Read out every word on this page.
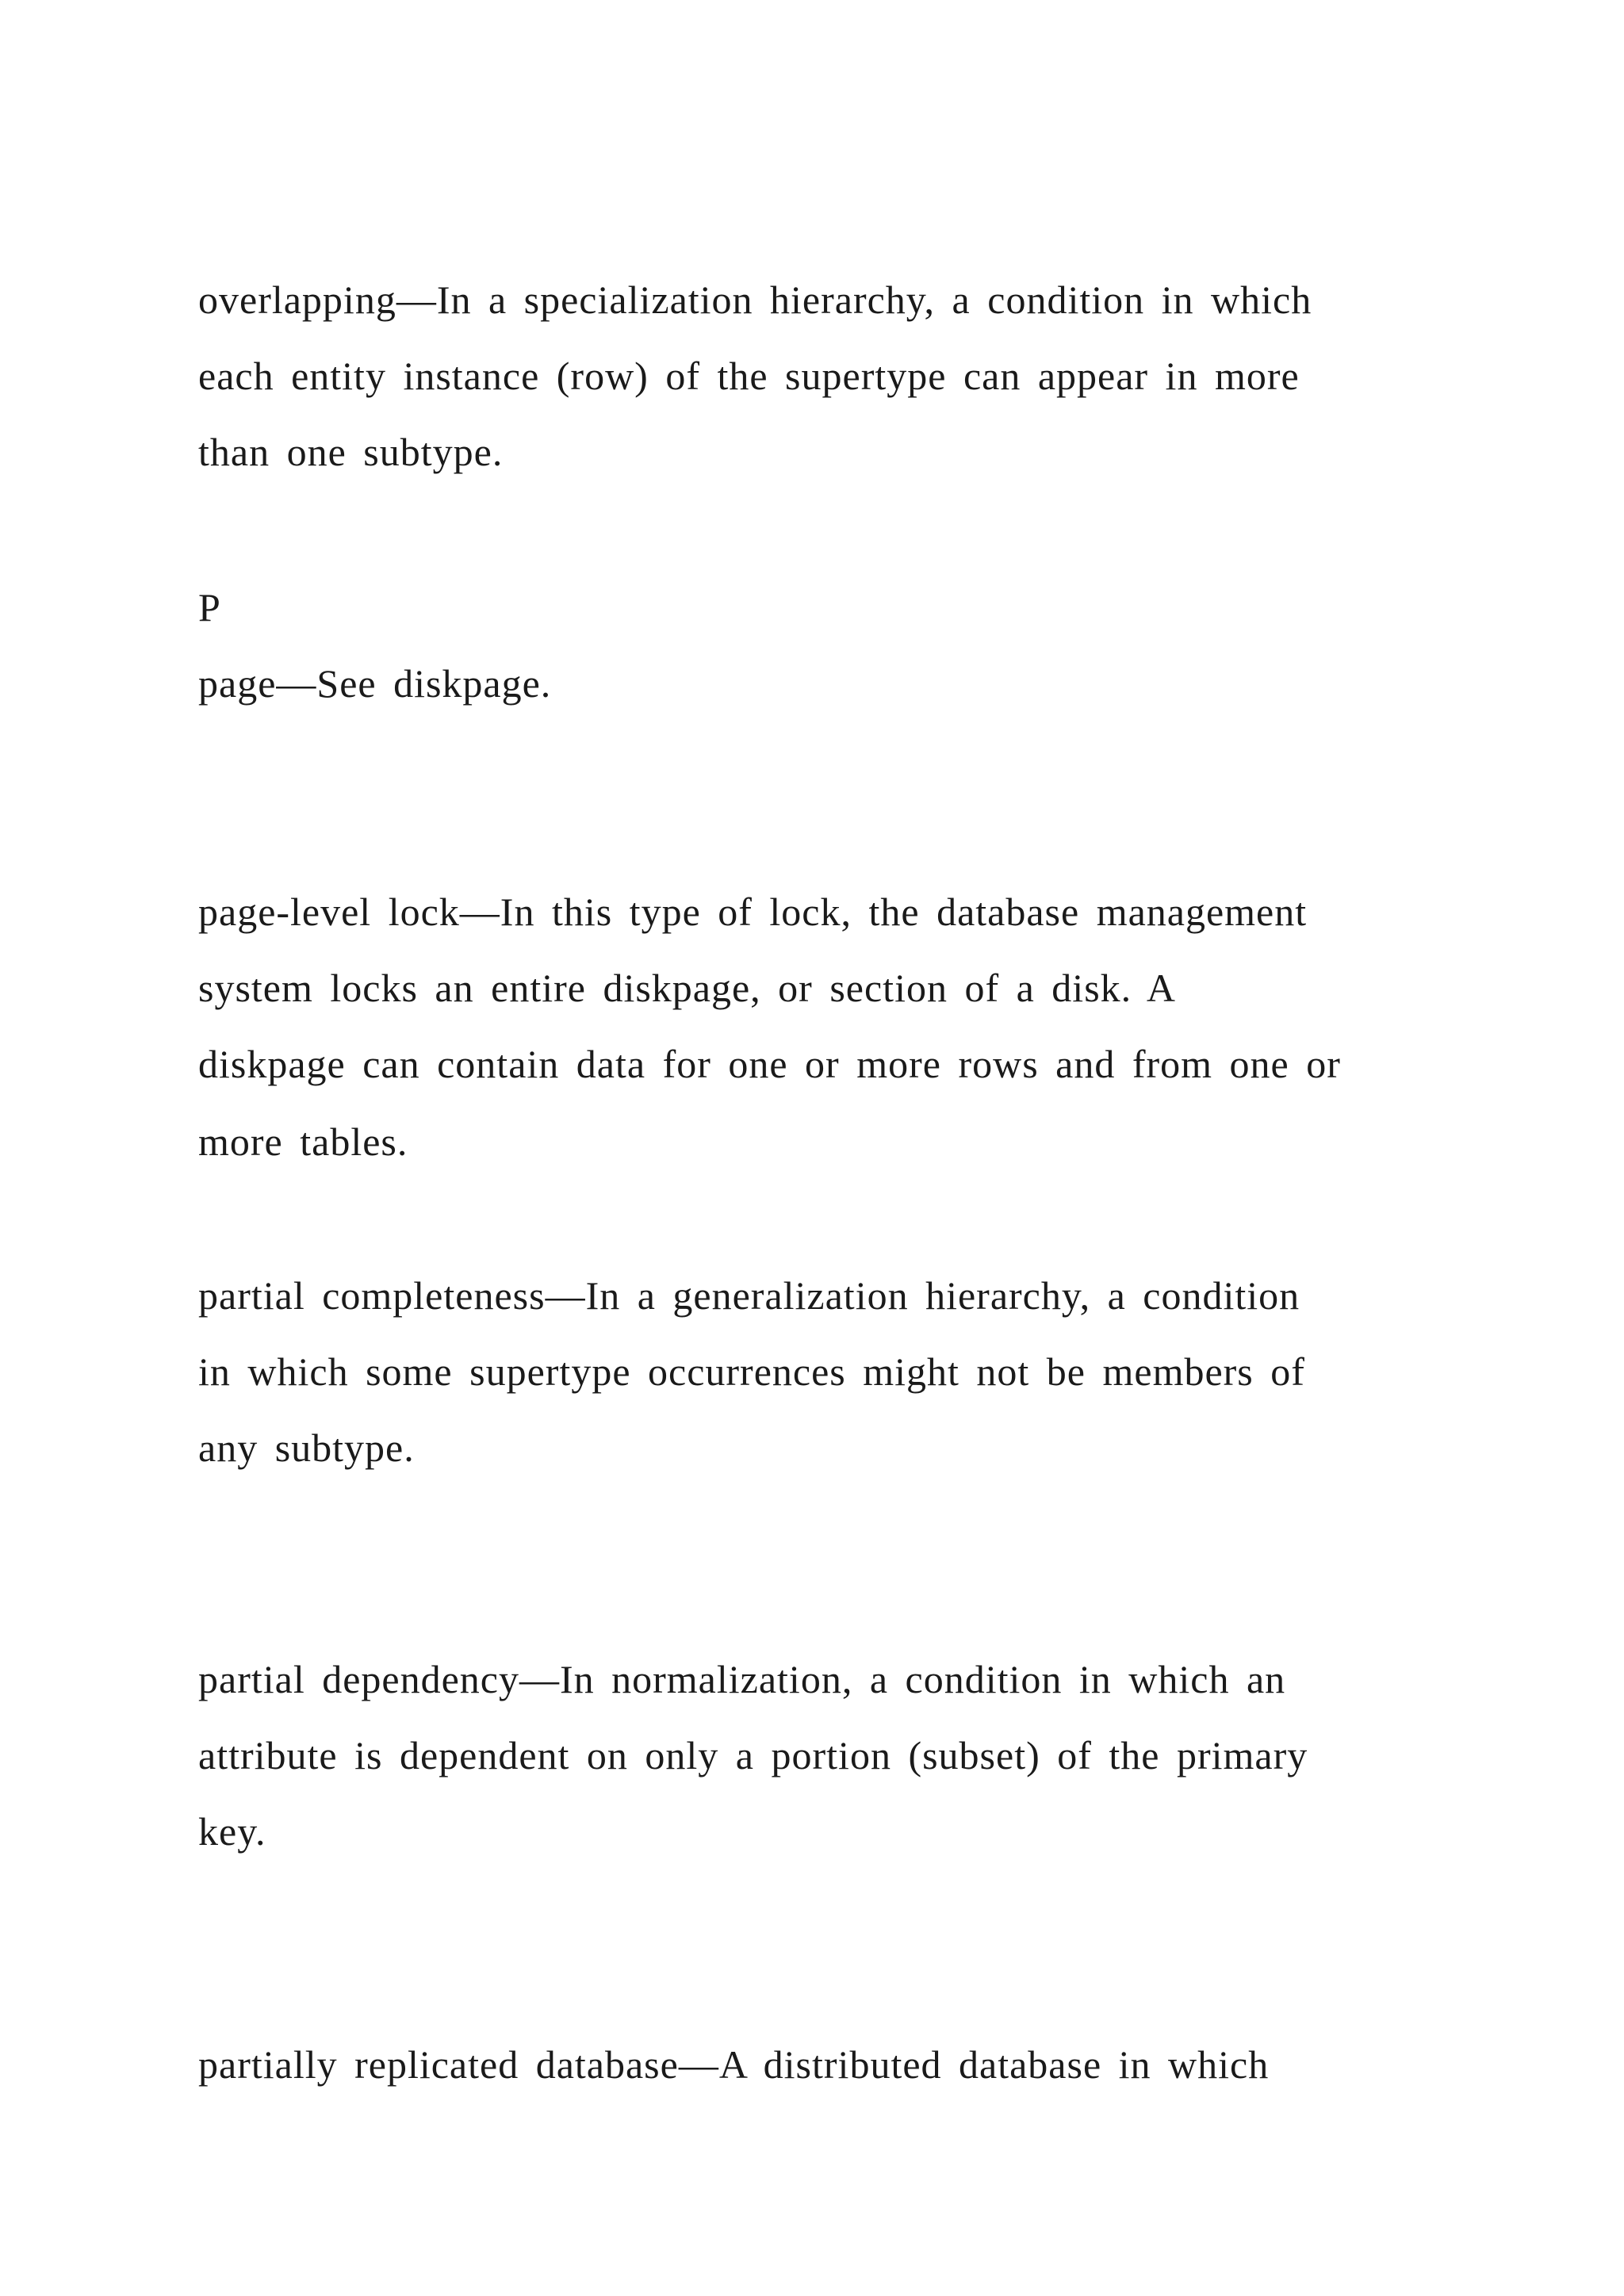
overlapping—In a specialization hierarchy, a condition in which
each entity instance (row) of the supertype can appear in more
than one subtype.
P
page—See diskpage.
page-level lock—In this type of lock, the database management
system locks an entire diskpage, or section of a disk. A
diskpage can contain data for one or more rows and from one or
more tables.
partial completeness—In a generalization hierarchy, a condition
in which some supertype occurrences might not be members of
any subtype.
partial dependency—In normalization, a condition in which an
attribute is dependent on only a portion (subset) of the primary
key.
partially replicated database—A distributed database in which
